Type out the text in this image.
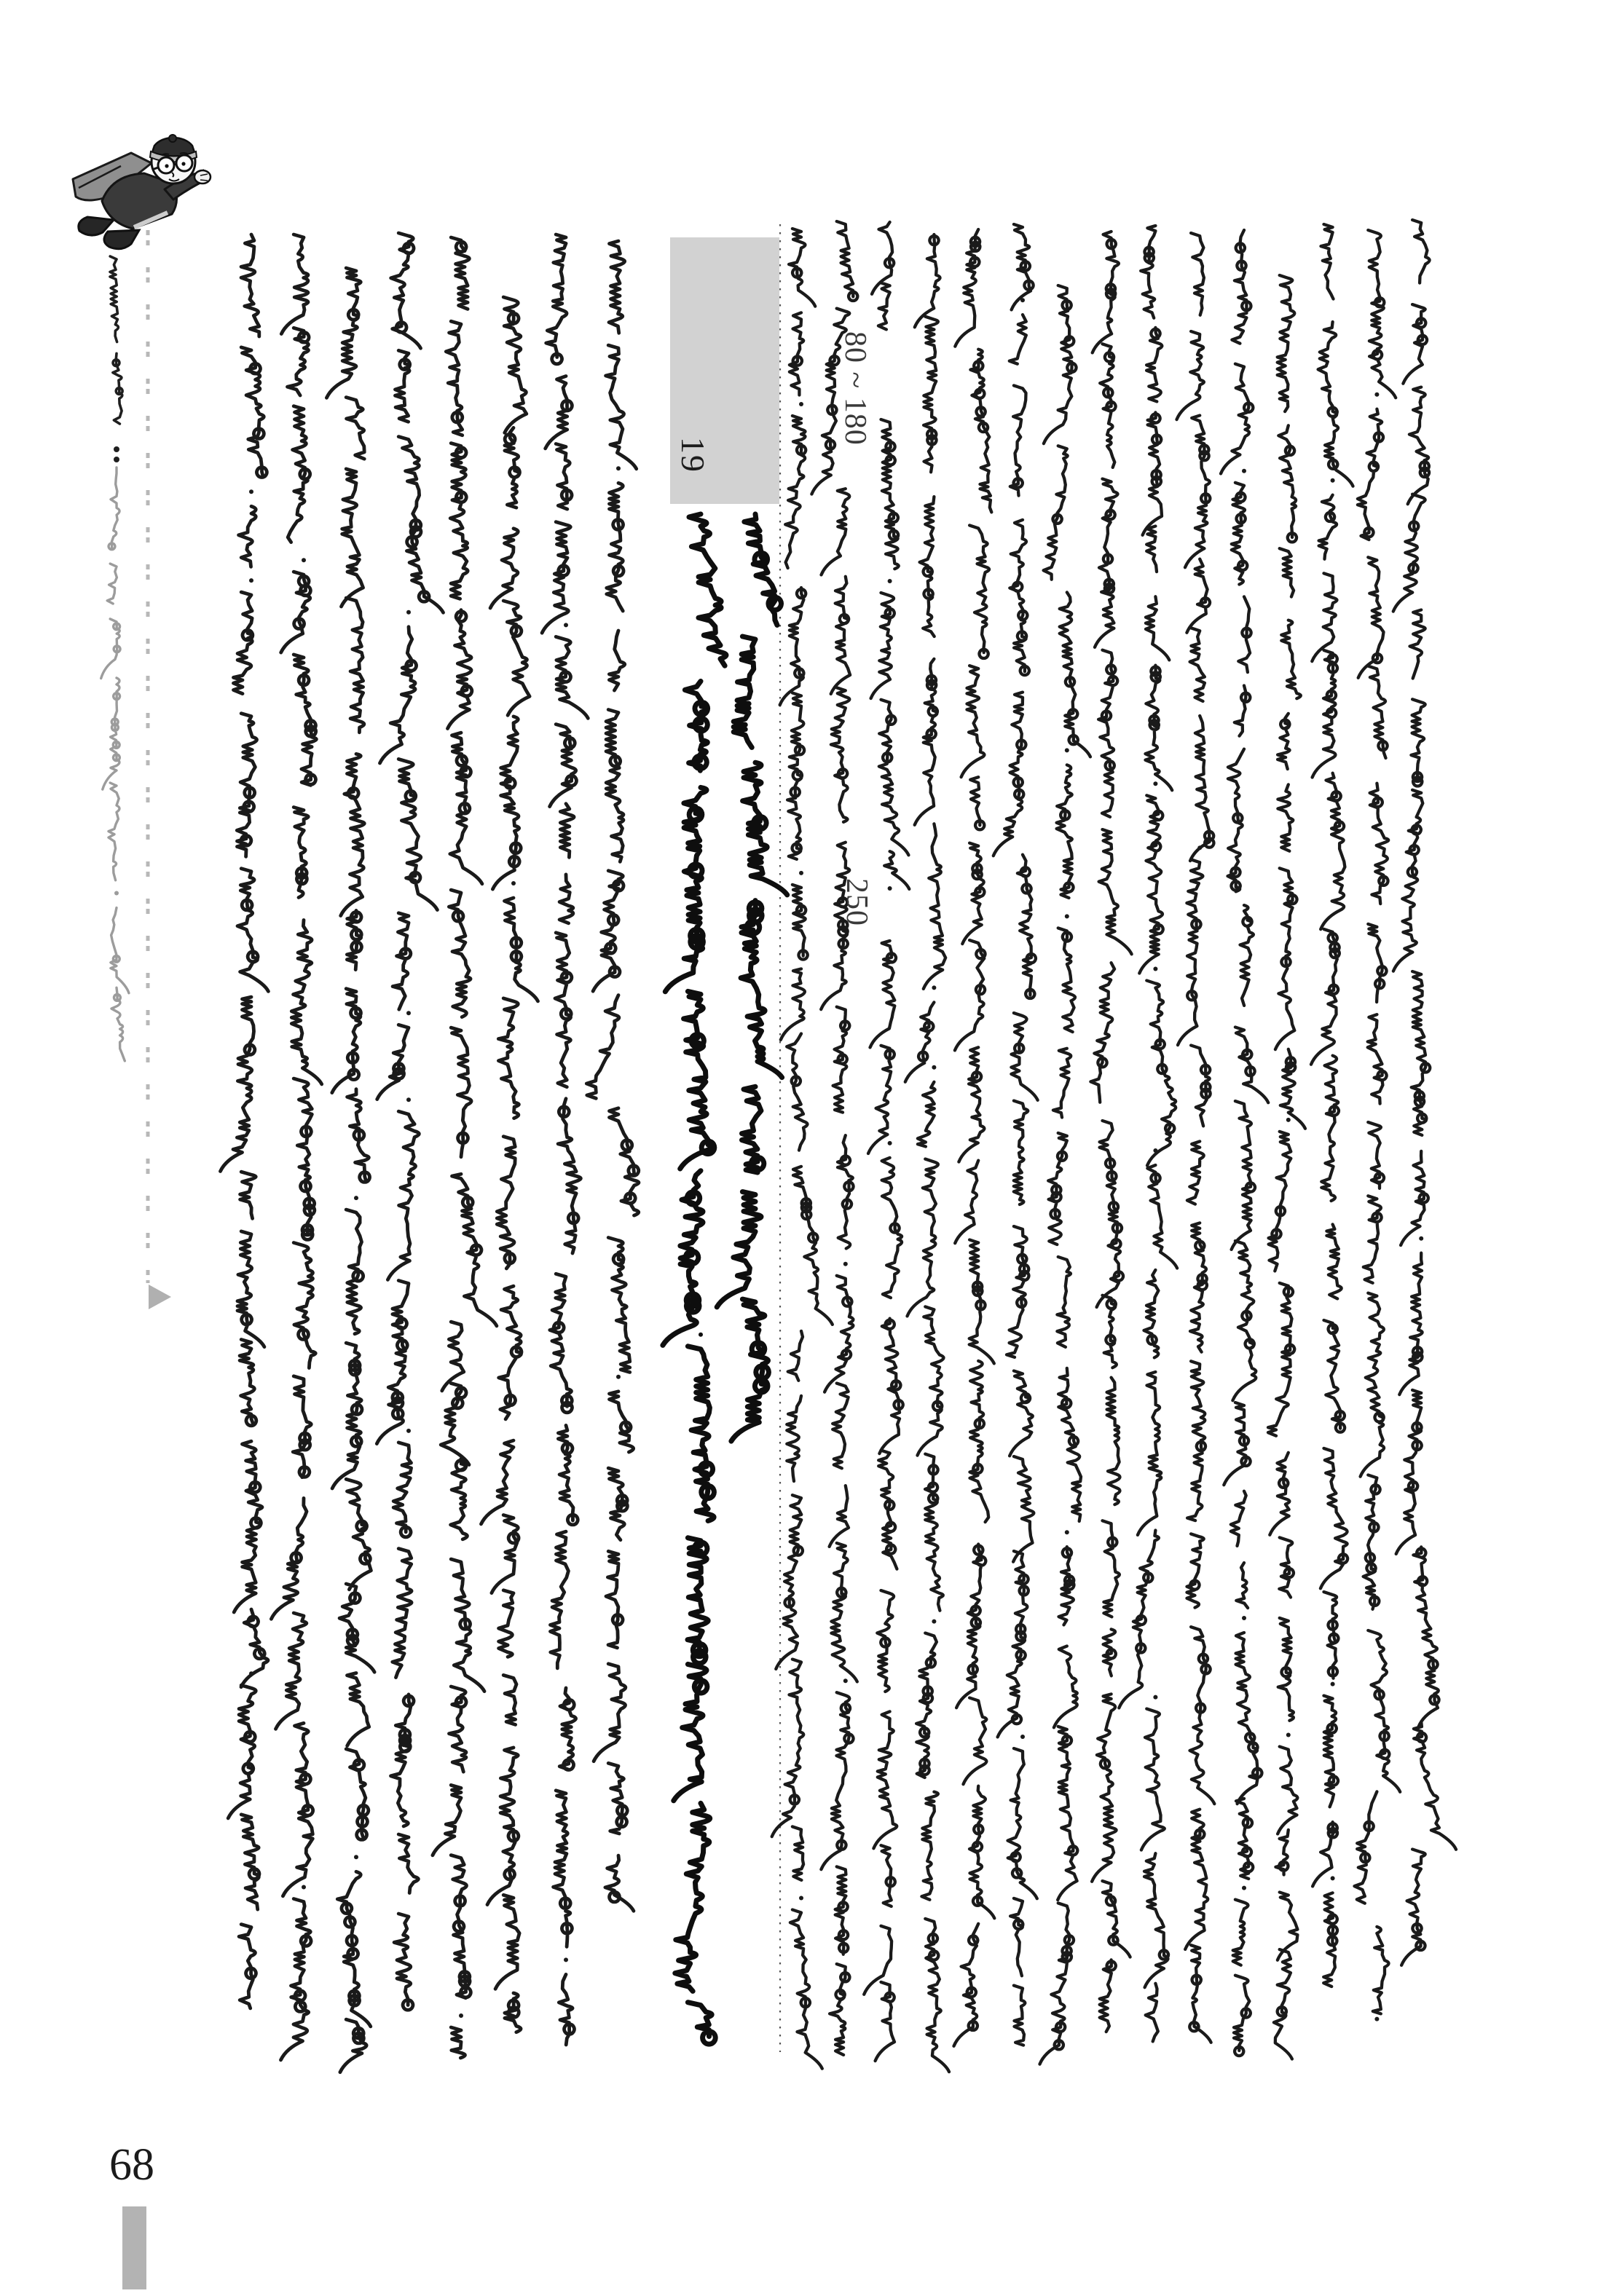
19
80 ~ 180
250
68
